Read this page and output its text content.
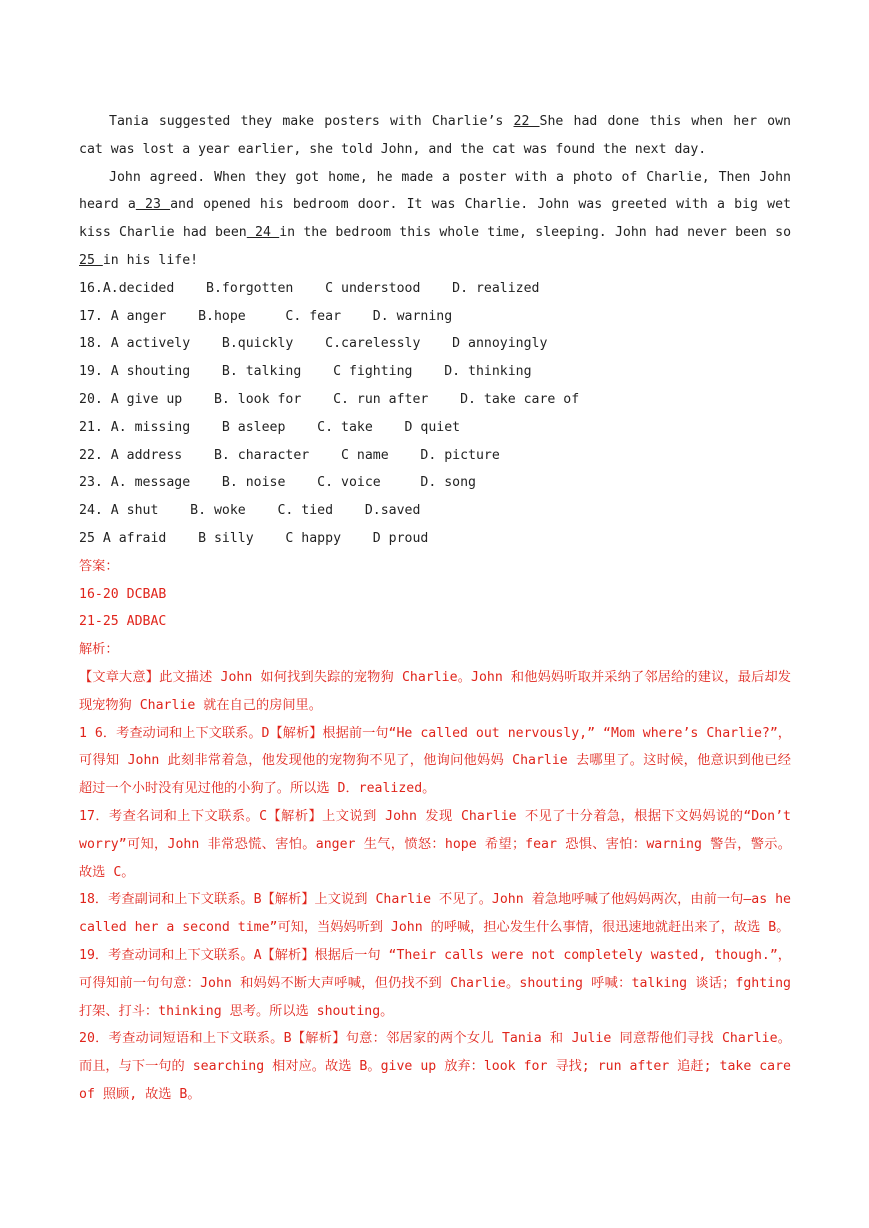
Tania suggested they make posters with Charlie’s 22 She had done this when her own cat was lost a year earlier, she told John, and the cat was found the next day.

John agreed. When they got home, he made a poster with a photo of Charlie, Then John heard a 23 and opened his bedroom door. It was Charlie. John was greeted with a big wet kiss Charlie had been 24 in the bedroom this whole time, sleeping. John had never been so 25 in his life!

16.A.decided    B.forgotten    C understood    D. realized
17. A anger    B.hope     C. fear    D. warning
18. A actively    B.quickly    C.carelessly    D annoyingly
19. A shouting    B. talking    C fighting    D. thinking
20. A give up    B. look for    C. run after    D. take care of
21. A. missing    B asleep    C. take    D quiet
22. A address    B. character    C name    D. picture
23. A. message    B. noise    C. voice     D. song
24. A shut    B. woke    C. tied    D.saved
25 A afraid    B silly    C happy    D proud
答案：
16-20 DCBAB
21-25 ADBAC
解析：

【文章大意】此文描述 John 如何找到失踪的宠物狗 Charlie。John 和他妈妈听取并采纳了邻居给的建议，最后却发现宠物狗 Charlie 就在自己的房间里。

1 6．考查动词和上下文联系。D【解析】根据前一句“He called out nervously,” “Mom where’s Charlie?”，可得知 John 此刻非常着急，他发现他的宠物狗不见了，他询问他妈妈 Charlie 去哪里了。这时候，他意识到他已经超过一个小时没有见过他的小狗了。所以选 D．realized。

17．考查名词和上下文联系。C【解析】上文说到 John 发现 Charlie 不见了十分着急，根据下文妈妈说的“Don’t worry”可知，John 非常恐慌、害怕。anger 生气，愤怒：hope 希望；fear 恐惧、害怕：warning 警告，警示。故选 C。

18．考查副词和上下文联系。B【解析】上文说到 Charlie 不见了。John 着急地呼喊了他妈妈两次，由前一句—as he called her a second time”可知，当妈妈听到 John 的呼喊，担心发生什么事情，很迅速地就赶出来了，故选 B。

19．考查动词和上下文联系。A【解析】根据后一句 “Their calls were not completely wasted, though.”，可得知前一句句意：John 和妈妈不断大声呼喊，但仍找不到 Charlie。shouting 呼喊：talking 谈话；fghting 打架、打斗：thinking 思考。所以选 shouting。

20．考查动词短语和上下文联系。B【解析】句意：邻居家的两个女儿 Tania 和 Julie 同意帮他们寻找 Charlie。而且，与下一句的 searching 相对应。故选 B。give up 放弃：look for 寻找; run after 追赶; take care of 照顾, 故选 B。
